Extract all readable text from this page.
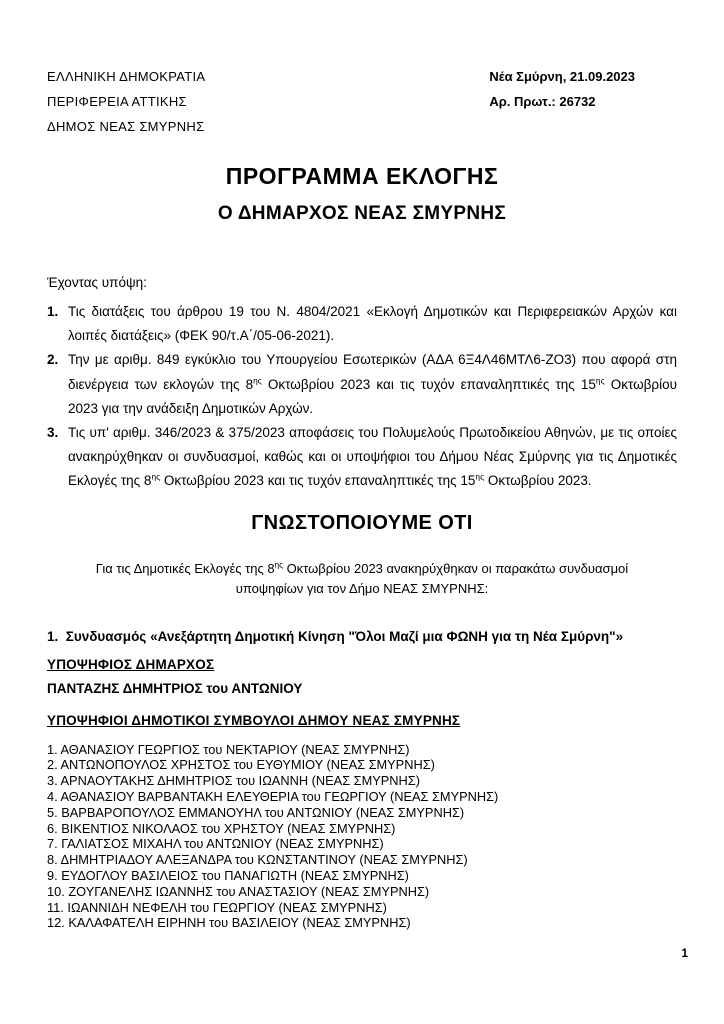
ΕΛΛΗΝΙΚΗ ΔΗΜΟΚΡΑΤΙΑ
ΠΕΡΙΦΕΡΕΙΑ ΑΤΤΙΚΗΣ
ΔΗΜΟΣ ΝΕΑΣ ΣΜΥΡΝΗΣ
Νέα Σμύρνη, 21.09.2023
Αρ. Πρωτ.: 26732
ΠΡΟΓΡΑΜΜΑ ΕΚΛΟΓΗΣ
Ο ΔΗΜΑΡΧΟΣ ΝΕΑΣ ΣΜΥΡΝΗΣ

Έχοντας υπόψη:

Τις διατάξεις του άρθρου 19 του Ν. 4804/2021 «Εκλογή Δημοτικών και Περιφερειακών Αρχών και λοιπές διατάξεις» (ΦΕΚ 90/τ.Α΄/05-06-2021).
Την με αριθμ. 849 εγκύκλιο του Υπουργείου Εσωτερικών (ΑΔΑ 6Ξ4Λ46ΜΤΛ6-ΖΟ3) που αφορά στη διενέργεια των εκλογών της $8^{\eta\varsigma}$ Οκτωβρίου 2023 και τις τυχόν επαναληπτικές της $15^{\eta\varsigma}$ Οκτωβρίου 2023 για την ανάδειξη Δημοτικών Αρχών.
Τις υπ' αριθμ. 346/2023 & 375/2023 αποφάσεις του Πολυμελούς Πρωτοδικείου Αθηνών, με τις οποίες ανακηρύχθηκαν οι συνδυασμοί, καθώς και οι υποψήφιοι του Δήμου Νέας Σμύρνης για τις Δημοτικές Εκλογές της $8^{\eta\varsigma}$ Οκτωβρίου 2023 και τις τυχόν επαναληπτικές της $15^{\eta\varsigma}$ Οκτωβρίου 2023.
ΓΝΩΣΤΟΠΟΙΟΥΜΕ ΟΤΙ

Για τις Δημοτικές Εκλογές της $8^{\eta\varsigma}$ Οκτωβρίου 2023 ανακηρύχθηκαν οι παρακάτω συνδυασμοί υποψηφίων για τον Δήμο ΝΕΑΣ ΣΜΥΡΝΗΣ:

1.  Συνδυασμός «Ανεξάρτητη Δημοτική Κίνηση "Όλοι Μαζί μια ΦΩΝΗ για τη Νέα Σμύρνη"»

ΥΠΟΨΗΦΙΟΣ ΔΗΜΑΡΧΟΣ

ΠΑΝΤΑΖΗΣ ΔΗΜΗΤΡΙΟΣ του ΑΝΤΩΝΙΟΥ

ΥΠΟΨΗΦΙΟΙ ΔΗΜΟΤΙΚΟΙ ΣΥΜΒΟΥΛΟΙ ΔΗΜΟΥ ΝΕΑΣ ΣΜΥΡΝΗΣ

1. ΑΘΑΝΑΣΙΟΥ ΓΕΩΡΓΙΟΣ του ΝΕΚΤΑΡΙΟΥ (ΝΕΑΣ ΣΜΥΡΝΗΣ)
2. ΑΝΤΩΝΟΠΟΥΛΟΣ ΧΡΗΣΤΟΣ του ΕΥΘΥΜΙΟΥ (ΝΕΑΣ ΣΜΥΡΝΗΣ)
3. ΑΡΝΑΟΥΤΑΚΗΣ ΔΗΜΗΤΡΙΟΣ του ΙΩΑΝΝΗ (ΝΕΑΣ ΣΜΥΡΝΗΣ)
4. ΑΘΑΝΑΣΙΟΥ ΒΑΡΒΑΝΤΑΚΗ ΕΛΕΥΘΕΡΙΑ του ΓΕΩΡΓΙΟΥ (ΝΕΑΣ ΣΜΥΡΝΗΣ)
5. ΒΑΡΒΑΡΟΠΟΥΛΟΣ ΕΜΜΑΝΟΥΗΛ του ΑΝΤΩΝΙΟΥ (ΝΕΑΣ ΣΜΥΡΝΗΣ)
6. ΒΙΚΕΝΤΙΟΣ ΝΙΚΟΛΑΟΣ του ΧΡΗΣΤΟΥ (ΝΕΑΣ ΣΜΥΡΝΗΣ)
7. ΓΑΛΙΑΤΣΟΣ ΜΙΧΑΗΛ του ΑΝΤΩΝΙΟΥ (ΝΕΑΣ ΣΜΥΡΝΗΣ)
8. ΔΗΜΗΤΡΙΑΔΟΥ ΑΛΕΞΑΝΔΡΑ του ΚΩΝΣΤΑΝΤΙΝΟΥ (ΝΕΑΣ ΣΜΥΡΝΗΣ)
9. ΕΥΔΟΓΛΟΥ ΒΑΣΙΛΕΙΟΣ του ΠΑΝΑΓΙΩΤΗ (ΝΕΑΣ ΣΜΥΡΝΗΣ)
10. ΖΟΥΓΑΝΕΛΗΣ ΙΩΑΝΝΗΣ του ΑΝΑΣΤΑΣΙΟΥ (ΝΕΑΣ ΣΜΥΡΝΗΣ)
11. ΙΩΑΝΝΙΔΗ ΝΕΦΕΛΗ του ΓΕΩΡΓΙΟΥ (ΝΕΑΣ ΣΜΥΡΝΗΣ)
12. ΚΑΛΑΦΑΤΕΛΗ ΕΙΡΗΝΗ του ΒΑΣΙΛΕΙΟΥ (ΝΕΑΣ ΣΜΥΡΝΗΣ)
1
